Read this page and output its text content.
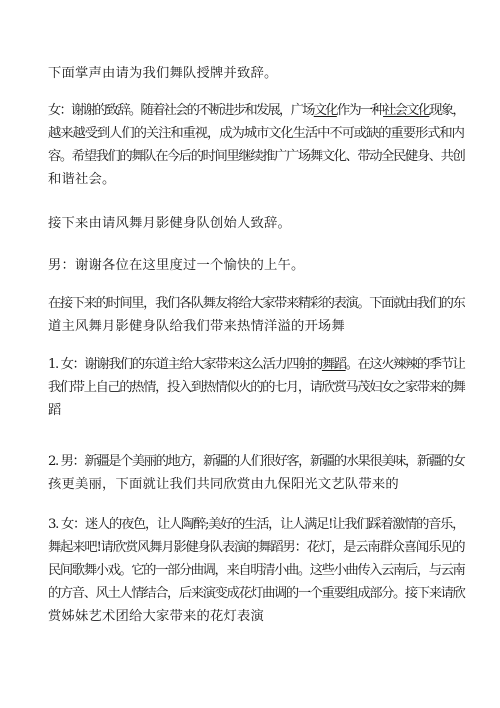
下面掌声由请为我们舞队授牌并致辞。

女：谢谢的致辞。随着社会的不断进步和发展，广场文化作为一种社会文化现象，
越来越受到人们的关注和重视，成为城市文化生活中不可或缺的重要形式和内
容。希望我们的舞队在今后的时间里继续推广广场舞文化、带动全民健身、共创
和谐社会。

接下来由请风舞月影健身队创始人致辞。

男：谢谢各位在这里度过一个愉快的上午。

在接下来的时间里，我们各队舞友将给大家带来精彩的表演。下面就由我们的东
道主风舞月影健身队给我们带来热情洋溢的开场舞

1. 女：谢谢我们的东道主给大家带来这么活力四射的舞蹈。在这火辣辣的季节让
我们带上自己的热情，投入到热情似火的的七月，请欣赏马茂妇女之家带来的舞
蹈

2. 男：新疆是个美丽的地方，新疆的人们很好客，新疆的水果很美味，新疆的女
孩更美丽，下面就让我们共同欣赏由九保阳光文艺队带来的

3. 女：迷人的夜色，让人陶醉;美好的生活，让人满足!让我们踩着激情的音乐，
舞起来吧!请欣赏风舞月影健身队表演的舞蹈男：花灯，是云南群众喜闻乐见的
民间歌舞小戏。它的一部分曲调，来自明清小曲。这些小曲传入云南后，与云南
的方音、风土人情结合，后来演变成花灯曲调的一个重要组成部分。接下来请欣
赏姊妹艺术团给大家带来的花灯表演
